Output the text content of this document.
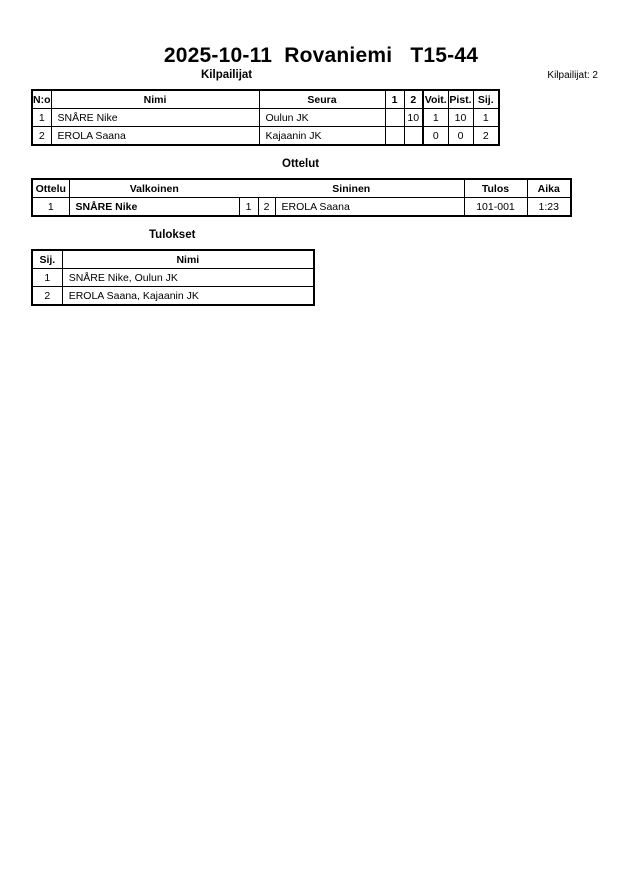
2025-10-11  Rovaniemi   T15-44
Kilpailijat	Kilpailijat: 2
N:o	Nimi	Seura	1	2	Voit.	Pist.	Sij.
1	SNÅRE Nike	Oulun JK		10	1	10	1
2	EROLA Saana	Kajaanin JK			0	0	2
Ottelut
Ottelu	Valkoinen	Sininen			Tulos	Aika
1	SNÅRE Nike	1	2	EROLA Saana	101-001	1:23
Tulokset
Sij.	Nimi
1	SNÅRE Nike, Oulun JK
2	EROLA Saana, Kajaanin JK
